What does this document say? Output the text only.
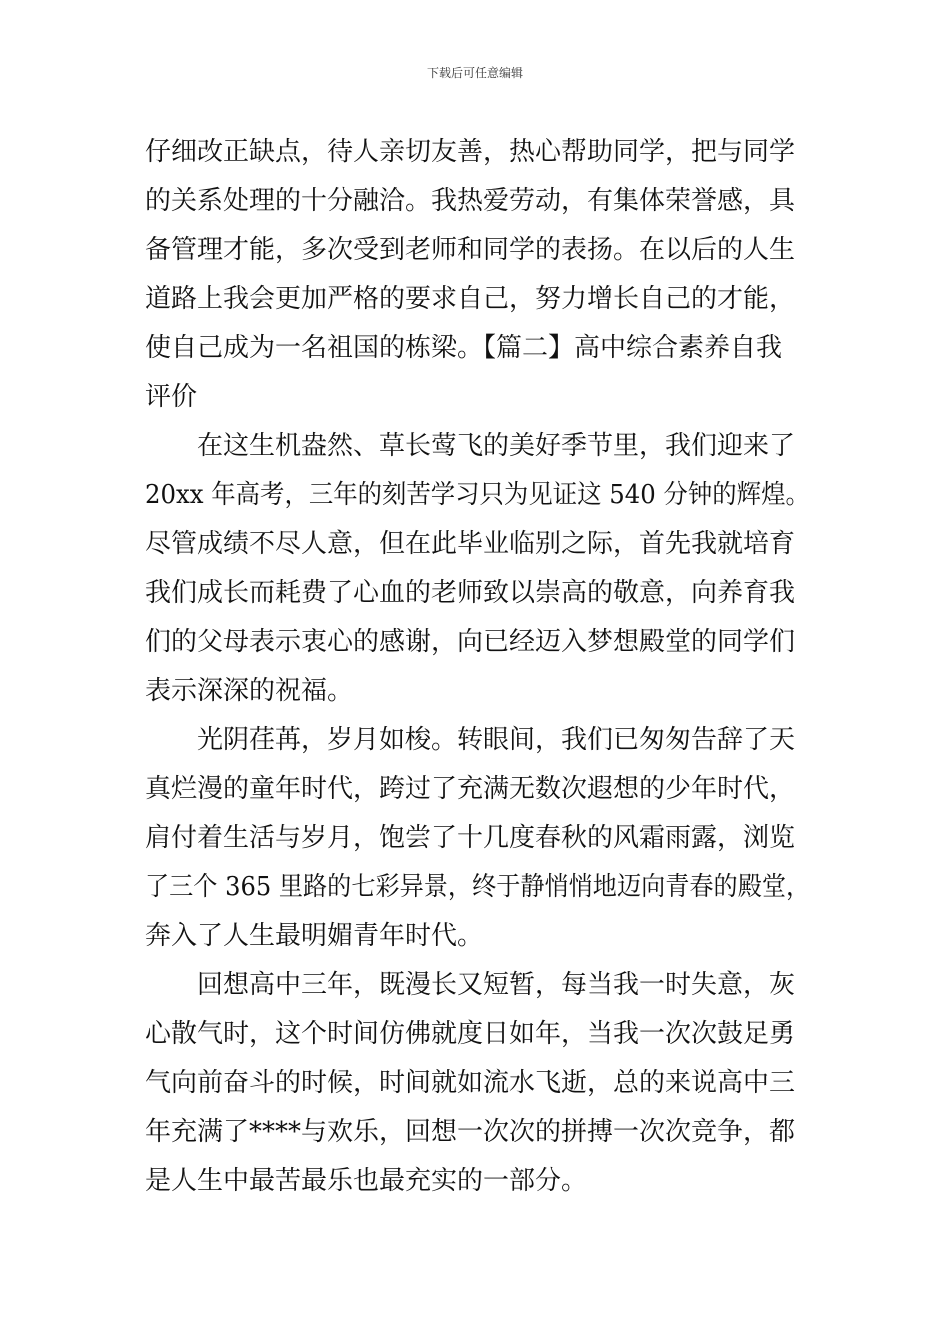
下载后可任意编辑
仔细改正缺点，待人亲切友善，热心帮助同学，把与同学
的关系处理的十分融洽。我热爱劳动，有集体荣誉感，具
备管理才能，多次受到老师和同学的表扬。在以后的人生
道路上我会更加严格的要求自己，努力增长自己的才能，
使自己成为一名祖国的栋梁。【篇二】高中综合素养自我
评价
在这生机盎然、草长莺飞的美好季节里，我们迎来了
20xx 年高考，三年的刻苦学习只为见证这 540 分钟的辉煌。
尽管成绩不尽人意，但在此毕业临别之际，首先我就培育
我们成长而耗费了心血的老师致以崇高的敬意，向养育我
们的父母表示衷心的感谢，向已经迈入梦想殿堂的同学们
表示深深的祝福。
光阴荏苒，岁月如梭。转眼间，我们已匆匆告辞了天
真烂漫的童年时代，跨过了充满无数次遐想的少年时代，
肩付着生活与岁月，饱尝了十几度春秋的风霜雨露，浏览
了三个 365 里路的七彩异景，终于静悄悄地迈向青春的殿堂，
奔入了人生最明媚青年时代。
回想高中三年，既漫长又短暂，每当我一时失意，灰
心散气时，这个时间仿佛就度日如年，当我一次次鼓足勇
气向前奋斗的时候，时间就如流水飞逝，总的来说高中三
年充满了****与欢乐，回想一次次的拼搏一次次竞争，都
是人生中最苦最乐也最充实的一部分。
